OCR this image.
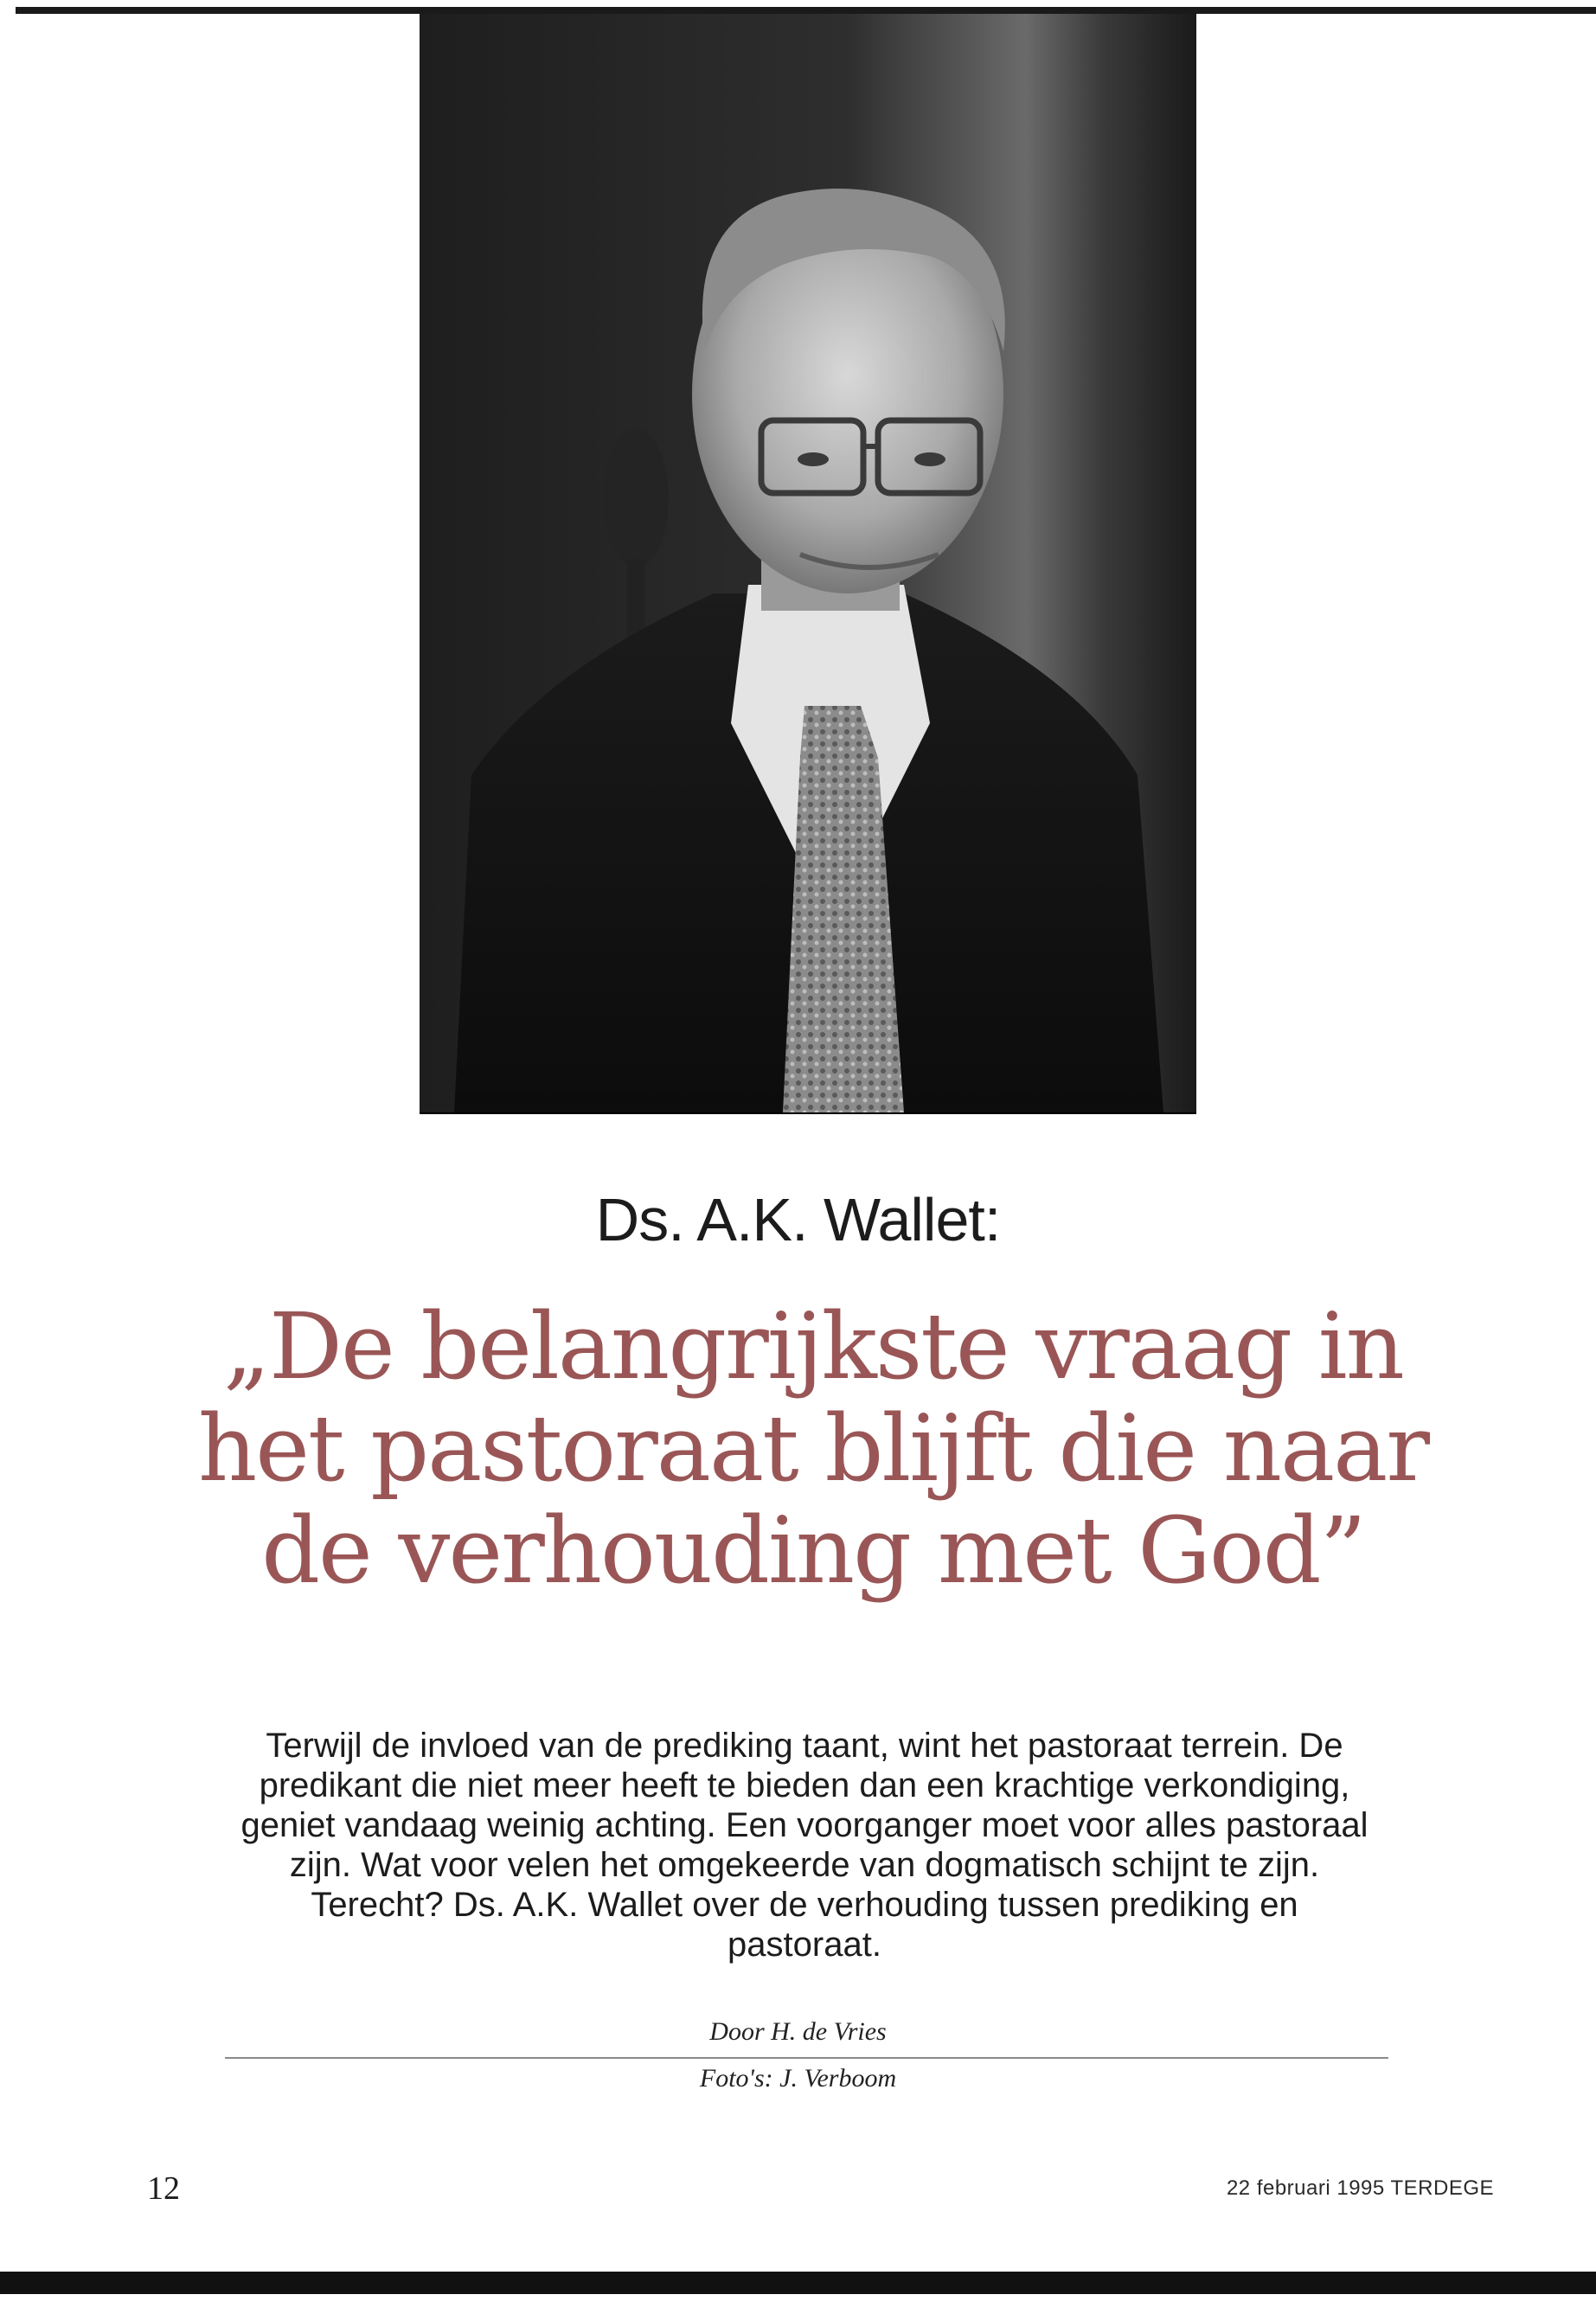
Ds. A.K. Wallet:
„De belangrijkste vraag in het pastoraat blijft die naar de verhouding met God”
Terwijl de invloed van de prediking taant, wint het pastoraat terrein. De predikant die niet meer heeft te bieden dan een krachtige verkondiging, geniet vandaag weinig achting. Een voorganger moet voor alles pastoraal zijn. Wat voor velen het omgekeerde van dogmatisch schijnt te zijn. Terecht? Ds. A.K. Wallet over de verhouding tussen prediking en pastoraat.
Door H. de Vries
Foto's: J. Verboom
12	22 februari 1995 TERDEGE
